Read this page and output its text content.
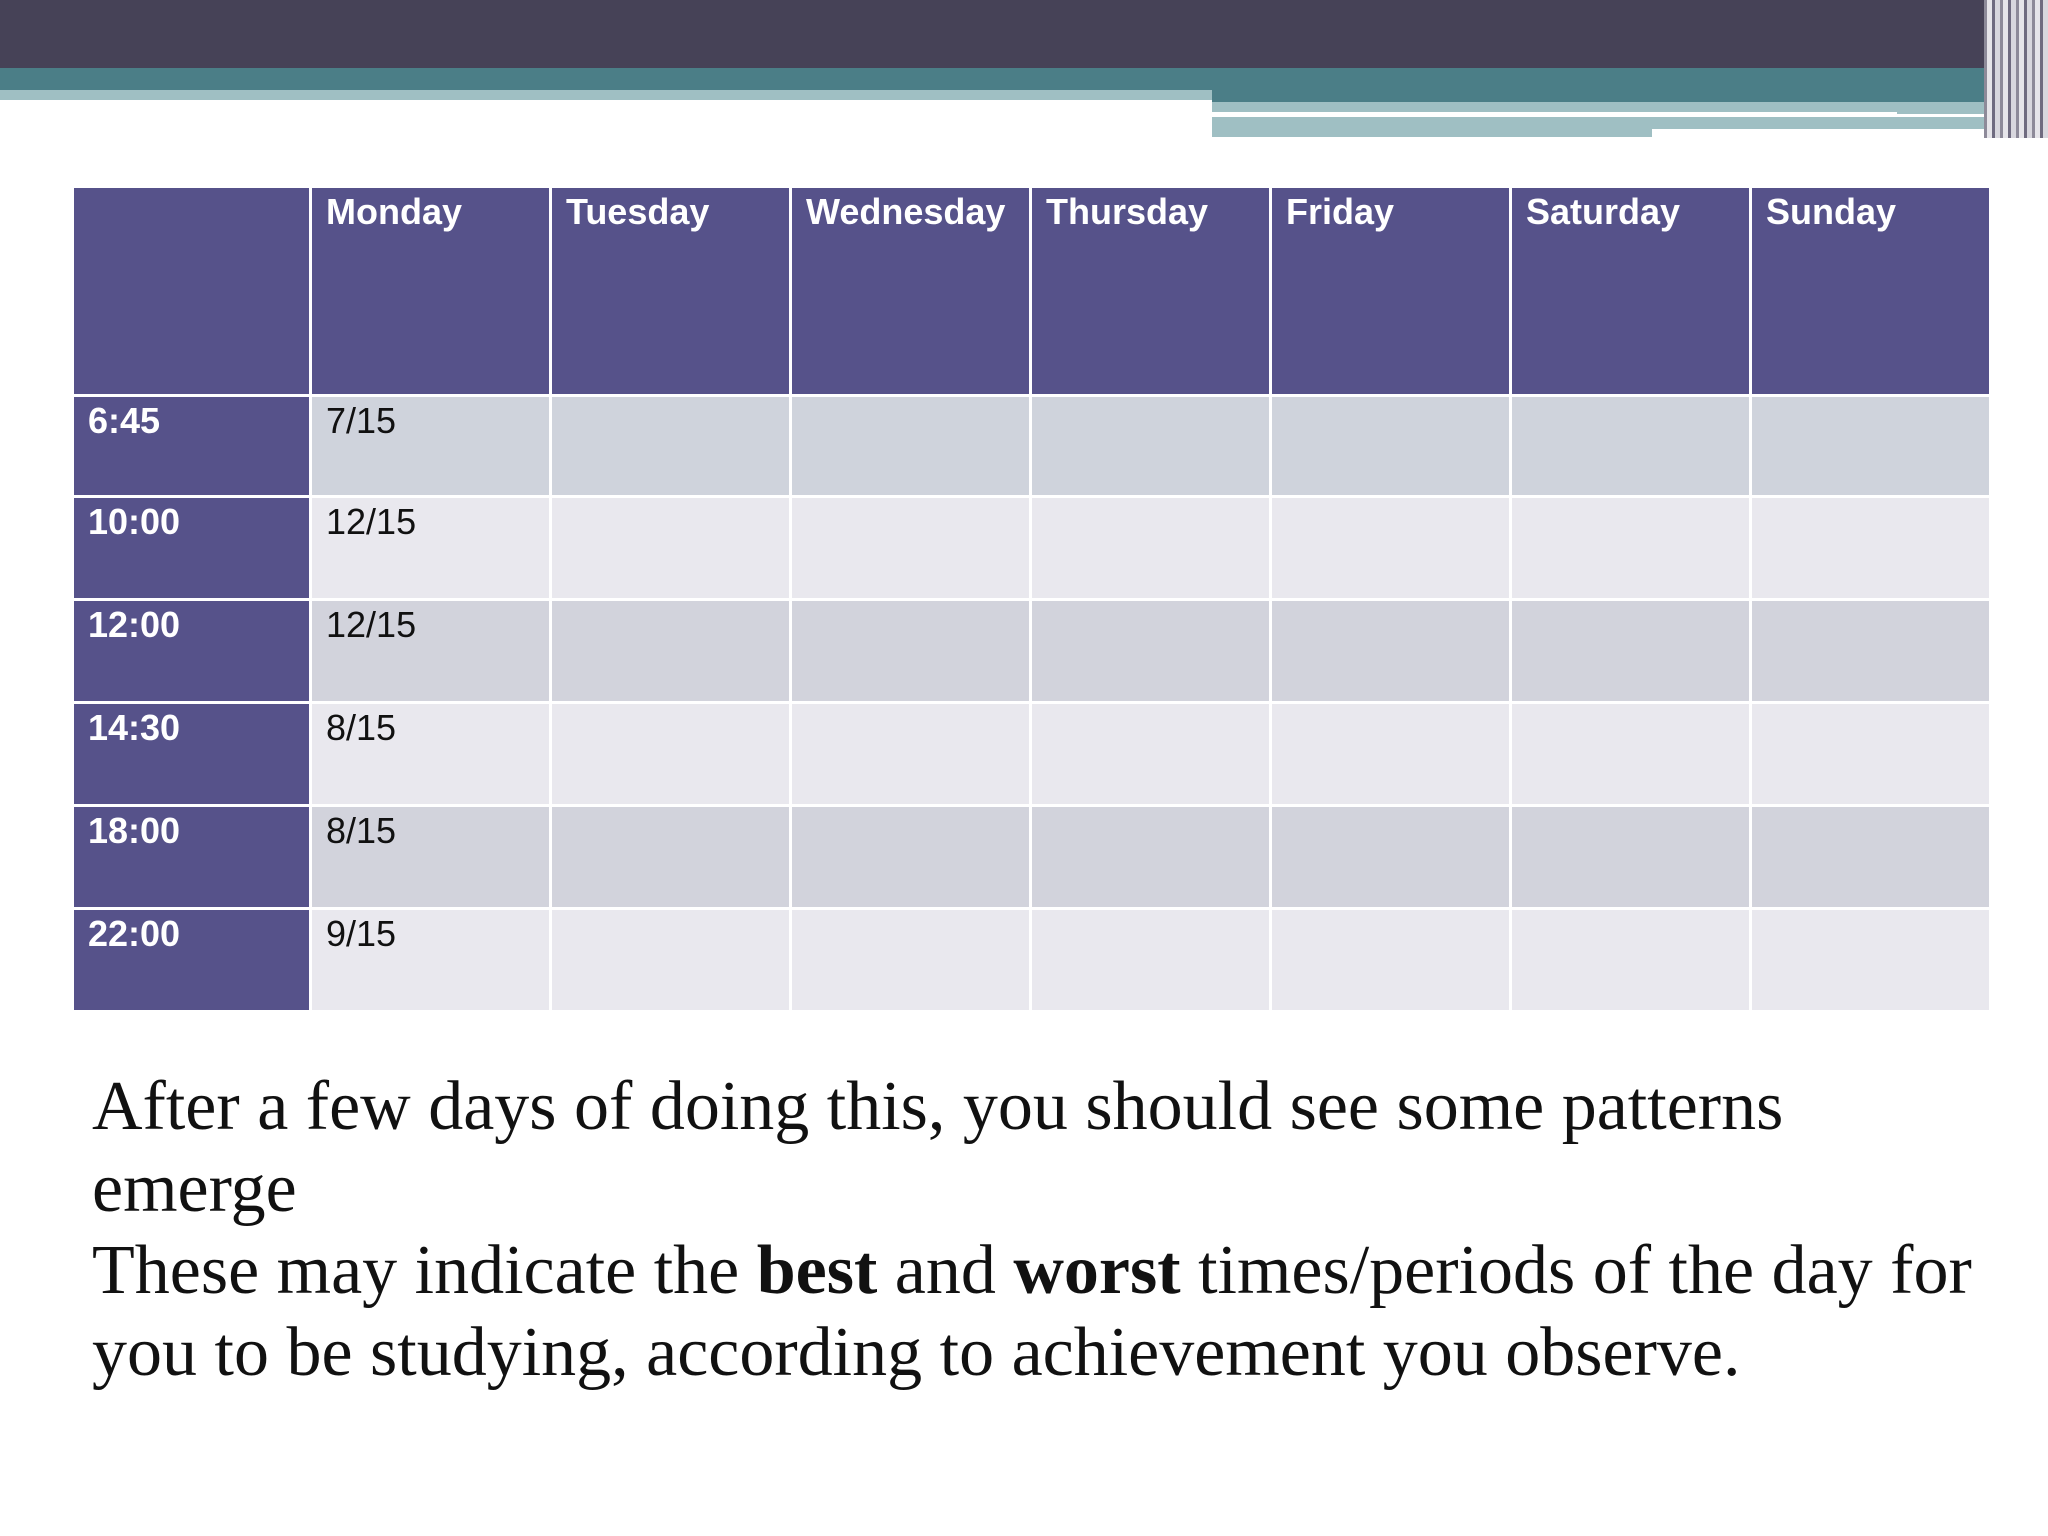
	Monday	Tuesday	Wednesday	Thursday	Friday	Saturday	Sunday

6:45	7/15						

10:00	12/15						

12:00	12/15						

14:30	8/15						

18:00	8/15						

22:00	9/15						

After a few days of doing this, you should see some patterns emerge

These may indicate the best and worst times/periods of the day for you to be studying, according to achievement you observe.
